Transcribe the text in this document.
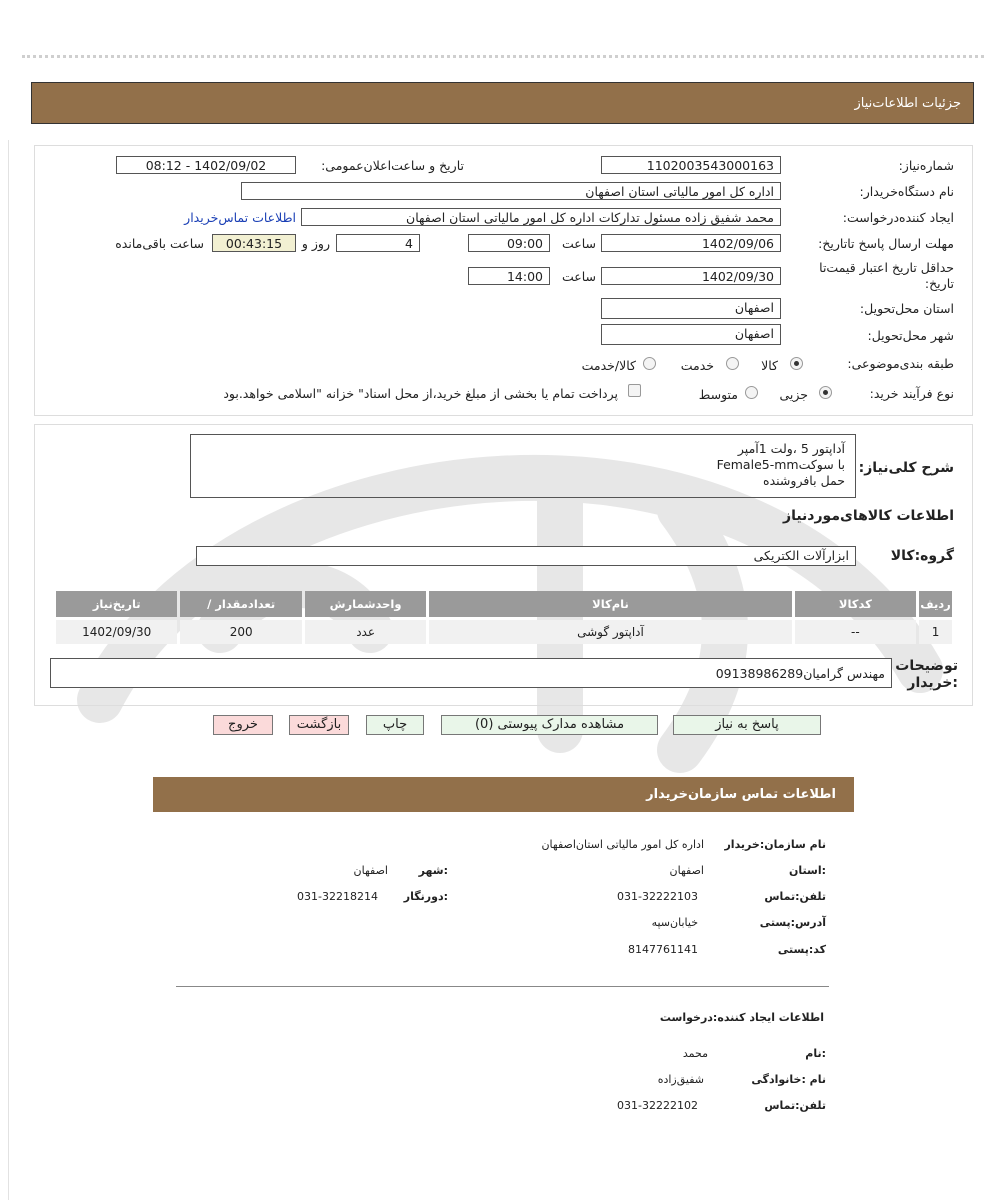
جزئیات اطلاعات‌نیاز
شماره‌نیاز:
1102003543000163
تاریخ و ساعت‌اعلان‌عمومی:
1402/09/02 - 08:12
نام دستگاه‌خریدار:
اداره کل امور مالیاتی استان اصفهان
ایجاد کننده‌درخواست:
محمد شفیق زاده مسئول تدارکات اداره کل امور مالیاتی استان اصفهان
اطلاعات تماس‌خریدار
مهلت ارسال پاسخ تا‌تاریخ:
1402/09/06
ساعت
09:00
4
روز و
00:43:15
ساعت باقی‌مانده
حداقل تاریخ اعتبار قیمت‌تا تاریخ:
1402/09/30
ساعت
14:00
استان محل‌تحویل:
اصفهان
شهر محل‌تحویل:
اصفهان
طبقه بندی‌موضوعی:
کالا
خدمت
کالا/خدمت
نوع فرآیند خرید:
جزیی
متوسط
پرداخت تمام یا بخشی از مبلغ خرید،از محل اسناد" خزانه "اسلامی خواهد.بود
شرح کلی‌نیاز:
آداپتور 5 ،ولت 1آمپر
با سوکتFemale5-mm
حمل بافروشنده
اطلاعات کالاهای‌موردنیاز
گروه‌:کالا
ابزارآلات الکتریکی
ردیف	کدکالا	نام‌کالا	واحدشمارش	تعدادمقدار /	تاریخ‌نیاز
1	--	آداپتور گوشی	عدد	200	1402/09/30
توضیحات :خریدار
مهندس گرامیان09138986289
پاسخ به نیاز
مشاهده مدارک پیوستی (0)
چاپ
بازگشت
خروج
اطلاعات تماس سازمان‌خریدار
نام سازمان‌:خریدار
اداره کل امور مالیاتی استان‌اصفهان
:استان
اصفهان
:شهر
اصفهان
تلفن‌:تماس
031-32222103
:دورنگار
031-32218214
آدرس‌:پستی
خیابان‌سپه
کد‌:پستی
8147761141
اطلاعات ایجاد کننده‌:درخواست
:نام
محمد
نام :خانوادگی
شفیق‌زاده
تلفن‌:تماس
031-32222102
